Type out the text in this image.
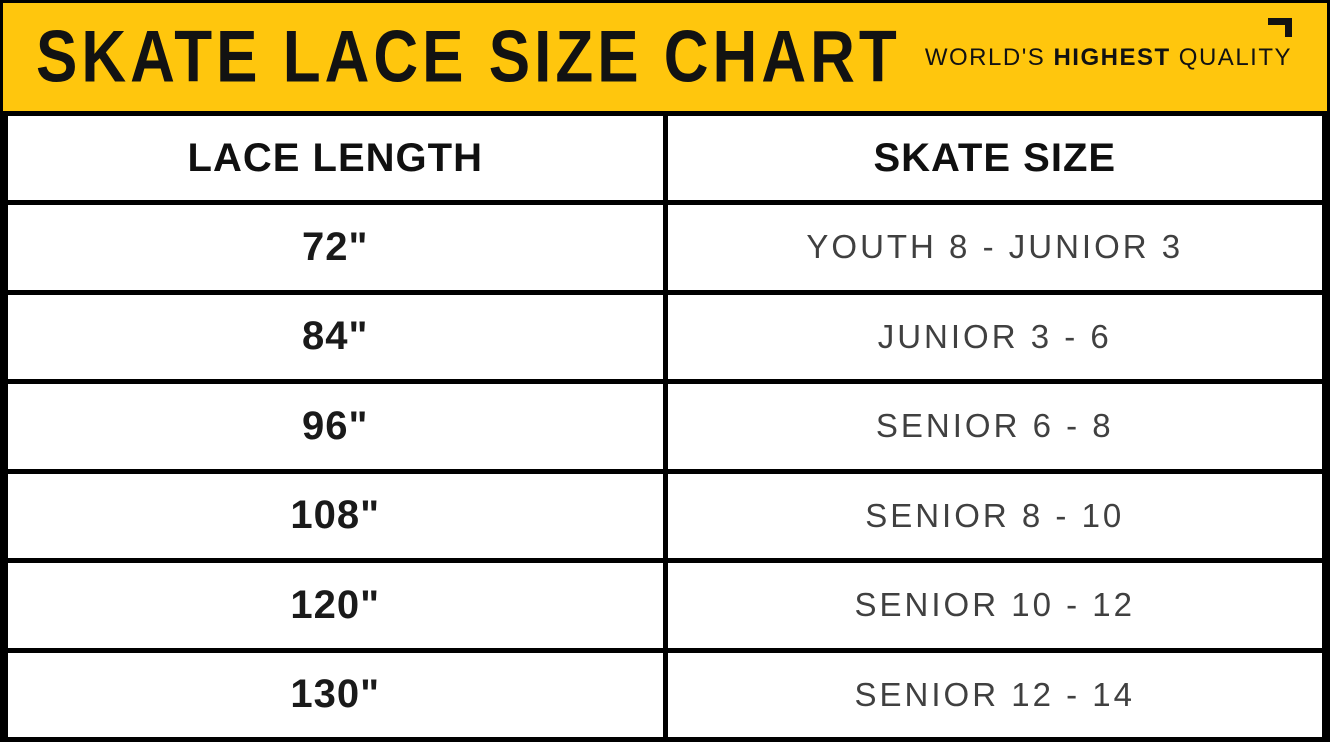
SKATE LACE SIZE CHART WORLD'S HIGHEST QUALITY

LACE LENGTH	SKATE SIZE
72"	YOUTH 8 - JUNIOR 3
84"	JUNIOR 3 - 6
96"	SENIOR 6 - 8
108"	SENIOR 8 - 10
120"	SENIOR 10 - 12
130"	SENIOR 12 - 14
